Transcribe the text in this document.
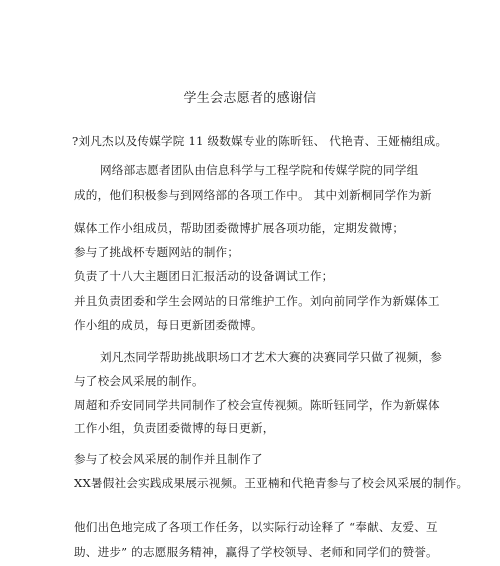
学生会志愿者的感谢信
?刘凡杰以及传媒学院 11 级数媒专业的陈昕钰、 代艳青、王娅楠组成。
网络部志愿者团队由信息科学与工程学院和传媒学院的同学组
成的，他们积极参与到网络部的各项工作中。 其中刘新桐同学作为新
媒体工作小组成员，帮助团委微博扩展各项功能，定期发微博；
参与了挑战杯专题网站的制作；
负责了十八大主题团日汇报活动的设备调试工作；
并且负责团委和学生会网站的日常维护工作。刘向前同学作为新媒体工
作小组的成员，每日更新团委微博。
刘凡杰同学帮助挑战职场口才艺术大赛的决赛同学只做了视频，参
与了校会风采展的制作。
周超和乔安同同学共同制作了校会宣传视频。陈昕钰同学，作为新媒体
工作小组，负责团委微博的每日更新，
参与了校会风采展的制作并且制作了
XX暑假社会实践成果展示视频。王亚楠和代艳青参与了校会风采展的制作。
他们出色地完成了各项工作任务，以实际行动诠释了 “奉献、友爱、互
助、进步” 的志愿服务精神，赢得了学校领导、老师和同学们的赞誉。
